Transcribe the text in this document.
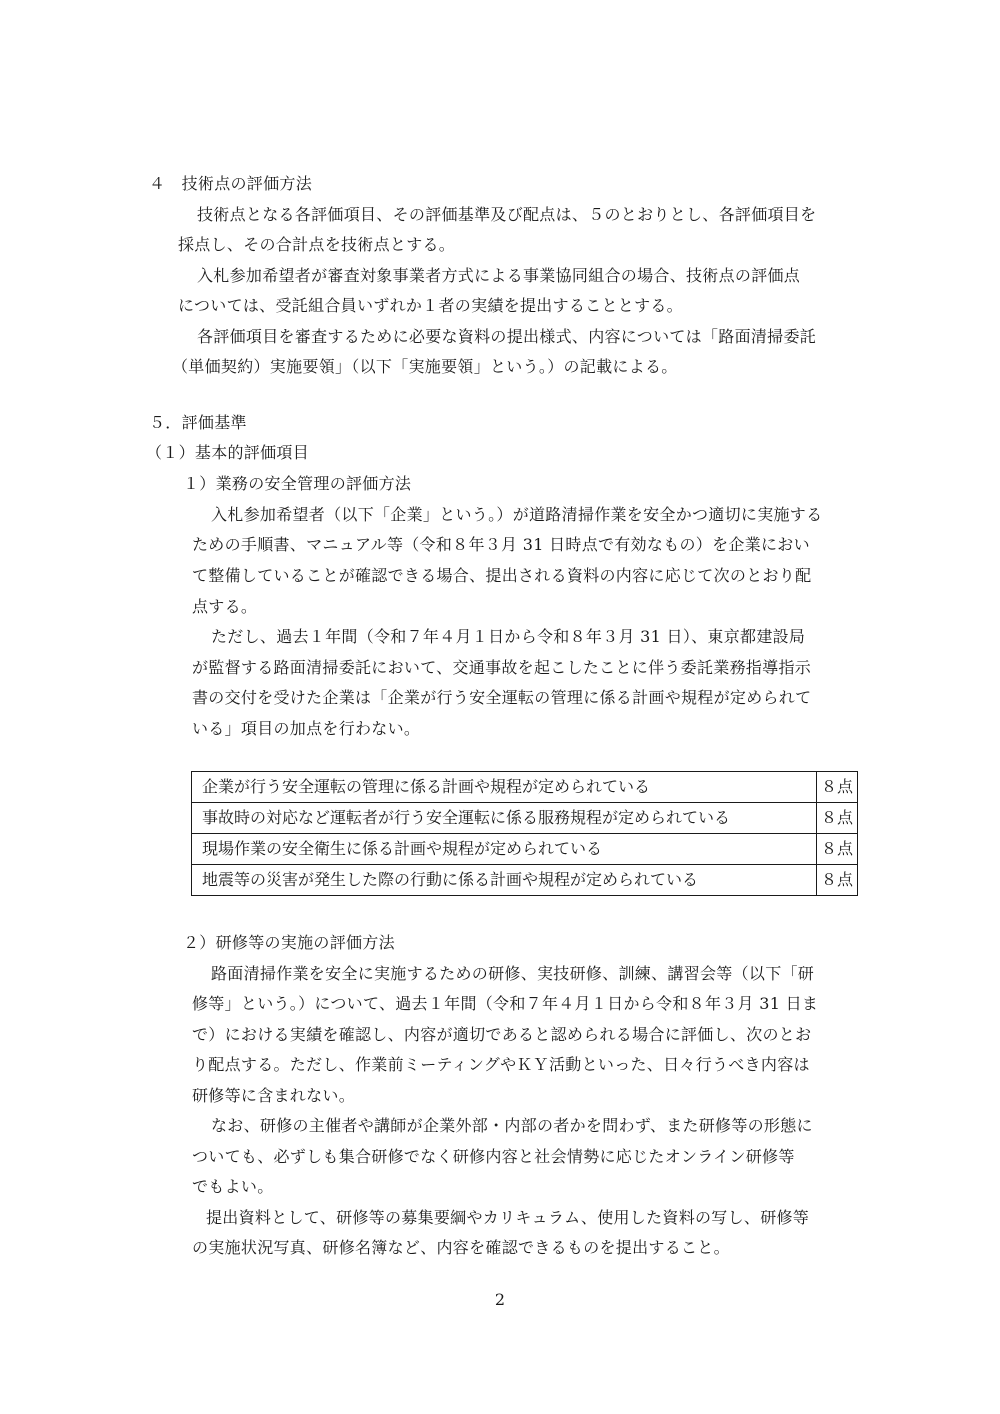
４　技術点の評価方法
技術点となる各評価項目、その評価基準及び配点は、５のとおりとし、各評価項目を
採点し、その合計点を技術点とする。
入札参加希望者が審査対象事業者方式による事業協同組合の場合、技術点の評価点
については、受託組合員いずれか１者の実績を提出することとする。
各評価項目を審査するために必要な資料の提出様式、内容については「路面清掃委託
（単価契約）実施要領」（以下「実施要領」という。）の記載による。
５．評価基準
（１）基本的評価項目
１）業務の安全管理の評価方法
入札参加希望者（以下「企業」という。）が道路清掃作業を安全かつ適切に実施する
ための手順書、マニュアル等（令和８年３月 31 日時点で有効なもの）を企業におい
て整備していることが確認できる場合、提出される資料の内容に応じて次のとおり配
点する。
ただし、過去１年間（令和７年４月１日から令和８年３月 31 日）、東京都建設局
が監督する路面清掃委託において、交通事故を起こしたことに伴う委託業務指導指示
書の交付を受けた企業は「企業が行う安全運転の管理に係る計画や規程が定められて
いる」項目の加点を行わない。
企業が行う安全運転の管理に係る計画や規程が定められている	８点
事故時の対応など運転者が行う安全運転に係る服務規程が定められている	８点
現場作業の安全衛生に係る計画や規程が定められている	８点
地震等の災害が発生した際の行動に係る計画や規程が定められている	８点
２）研修等の実施の評価方法
路面清掃作業を安全に実施するための研修、実技研修、訓練、講習会等（以下「研
修等」という。）について、過去１年間（令和７年４月１日から令和８年３月 31 日ま
で）における実績を確認し、内容が適切であると認められる場合に評価し、次のとお
り配点する。ただし、作業前ミーティングやＫＹ活動といった、日々行うべき内容は
研修等に含まれない。
なお、研修の主催者や講師が企業外部・内部の者かを問わず、また研修等の形態に
ついても、必ずしも集合研修でなく研修内容と社会情勢に応じたオンライン研修等
でもよい。
提出資料として、研修等の募集要綱やカリキュラム、使用した資料の写し、研修等
の実施状況写真、研修名簿など、内容を確認できるものを提出すること。
2
